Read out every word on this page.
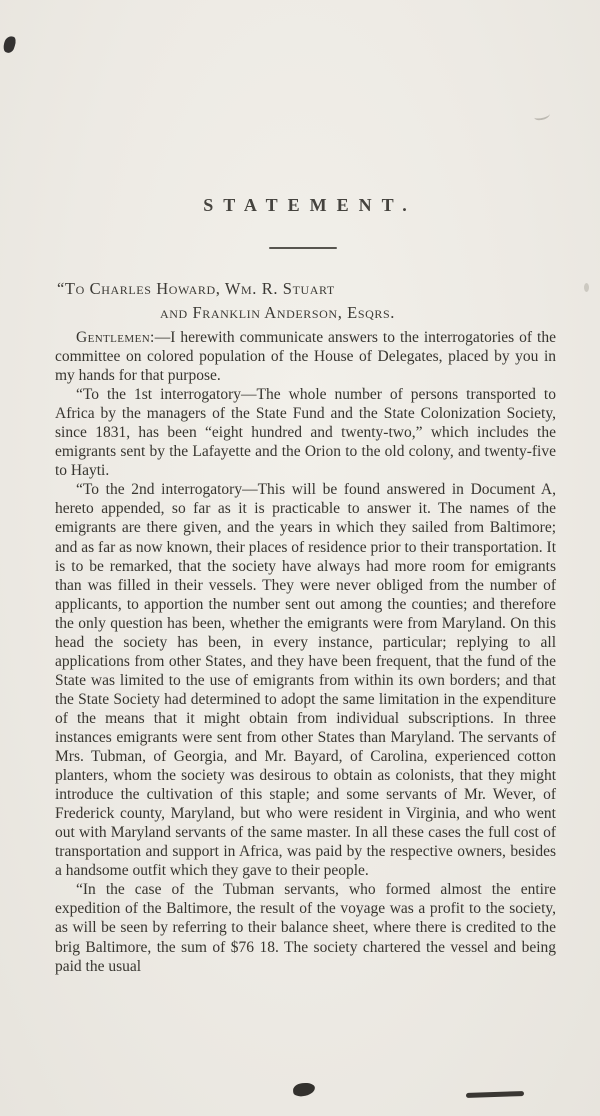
STATEMENT.
“To Charles Howard, Wm. R. Stuart
and Franklin Anderson, Esqrs.

Gentlemen:—I herewith communicate answers to the interrogatories of the committee on colored population of the House of Delegates, placed by you in my hands for that purpose.

“To the 1st interrogatory—The whole number of persons transported to Africa by the managers of the State Fund and the State Colonization Society, since 1831, has been “eight hundred and twenty-two,” which includes the emigrants sent by the Lafayette and the Orion to the old colony, and twenty-five to Hayti.

“To the 2nd interrogatory—This will be found answered in Document A, hereto appended, so far as it is practicable to answer it. The names of the emigrants are there given, and the years in which they sailed from Baltimore; and as far as now known, their places of residence prior to their transportation. It is to be remarked, that the society have always had more room for emigrants than was filled in their vessels. They were never obliged from the number of applicants, to apportion the number sent out among the counties; and therefore the only question has been, whether the emigrants were from Maryland. On this head the society has been, in every instance, particular; replying to all applications from other States, and they have been frequent, that the fund of the State was limited to the use of emigrants from within its own borders; and that the State Society had determined to adopt the same limitation in the expenditure of the means that it might obtain from individual subscriptions. In three instances emigrants were sent from other States than Maryland. The servants of Mrs. Tubman, of Georgia, and Mr. Bayard, of Carolina, experienced cotton planters, whom the society was desirous to obtain as colonists, that they might introduce the cultivation of this staple; and some servants of Mr. Wever, of Frederick county, Maryland, but who were resident in Virginia, and who went out with Maryland servants of the same master. In all these cases the full cost of transportation and support in Africa, was paid by the respective owners, besides a handsome outfit which they gave to their people.

“In the case of the Tubman servants, who formed almost the entire expedition of the Baltimore, the result of the voyage was a profit to the society, as will be seen by referring to their balance sheet, where there is credited to the brig Baltimore, the sum of $76 18. The society chartered the vessel and being paid the usual
